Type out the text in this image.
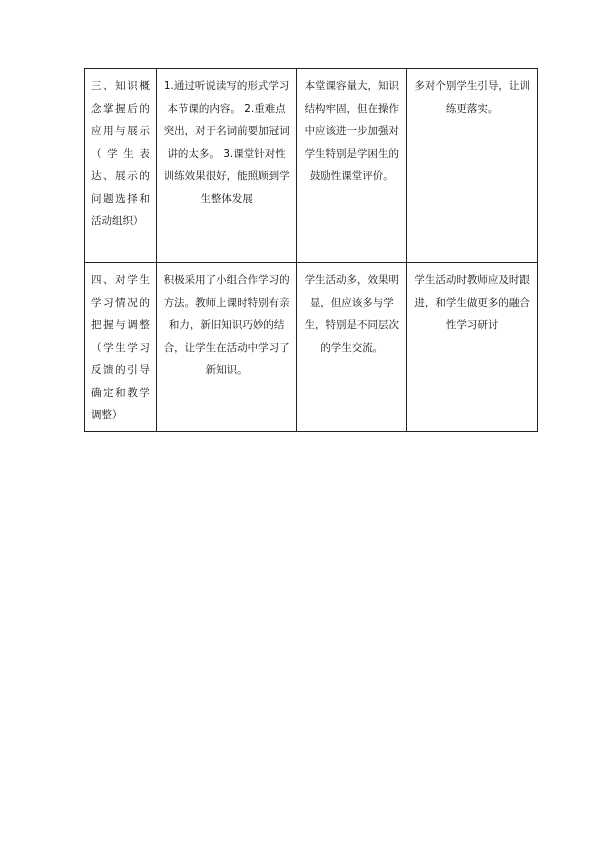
三、知识概念掌握后的应用与展示（学生表达、展示的问题选择和活动组织）	1.通过听说读写的形式学习本节课的内容。 2.重难点突出，对于名词前要加冠词讲的太多。 3.课堂针对性训练效果很好，能照顾到学生整体发展	本堂课容量大，知识结构牢固，但在操作中应该进一步加强对学生特别是学困生的鼓励性课堂评价。	多对个别学生引导，让训练更落实。

四、对学生学习情况的把握与调整（学生学习反馈的引导确定和教学调整）	积极采用了小组合作学习的方法。教师上课时特别有亲和力，新旧知识巧妙的结合，让学生在活动中学习了新知识。	学生活动多，效果明显，但应该多与学生，特别是不同层次的学生交流。	学生活动时教师应及时跟进，和学生做更多的融合性学习研讨
